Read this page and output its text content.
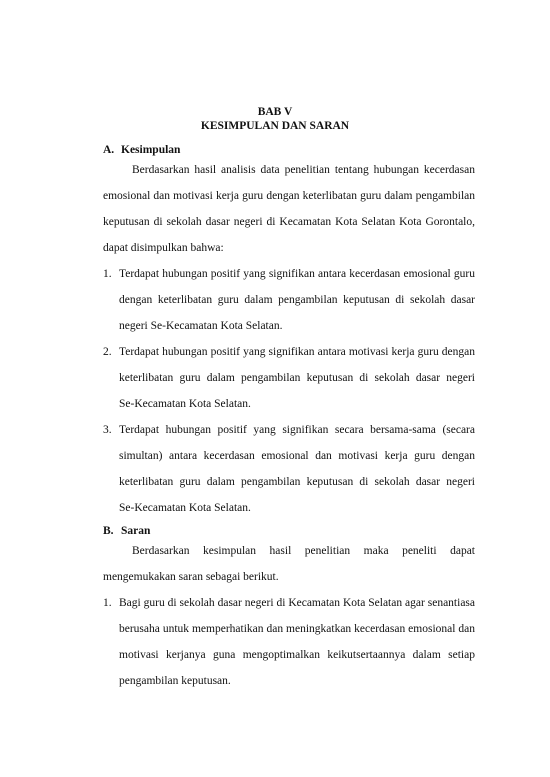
BAB V
KESIMPULAN DAN SARAN
A. Kesimpulan
Berdasarkan hasil analisis data penelitian tentang hubungan kecerdasan
emosional dan motivasi kerja guru dengan keterlibatan guru dalam pengambilan
keputusan di sekolah dasar negeri di Kecamatan Kota Selatan Kota Gorontalo,
dapat disimpulkan bahwa:
1. Terdapat hubungan positif yang signifikan antara kecerdasan emosional guru
dengan keterlibatan guru dalam pengambilan keputusan di sekolah dasar
negeri Se-Kecamatan Kota Selatan.
2. Terdapat hubungan positif yang signifikan antara motivasi kerja guru dengan
keterlibatan guru dalam pengambilan keputusan di sekolah dasar negeri
Se-Kecamatan Kota Selatan.
3. Terdapat hubungan positif yang signifikan secara bersama-sama (secara
simultan) antara kecerdasan emosional dan motivasi kerja guru dengan
keterlibatan guru dalam pengambilan keputusan di sekolah dasar negeri
Se-Kecamatan Kota Selatan.
B. Saran
Berdasarkan kesimpulan hasil penelitian maka peneliti dapat
mengemukakan saran sebagai berikut.
1. Bagi guru di sekolah dasar negeri di Kecamatan Kota Selatan agar senantiasa
berusaha untuk memperhatikan dan meningkatkan kecerdasan emosional dan
motivasi kerjanya guna mengoptimalkan keikutsertaannya dalam setiap
pengambilan keputusan.
